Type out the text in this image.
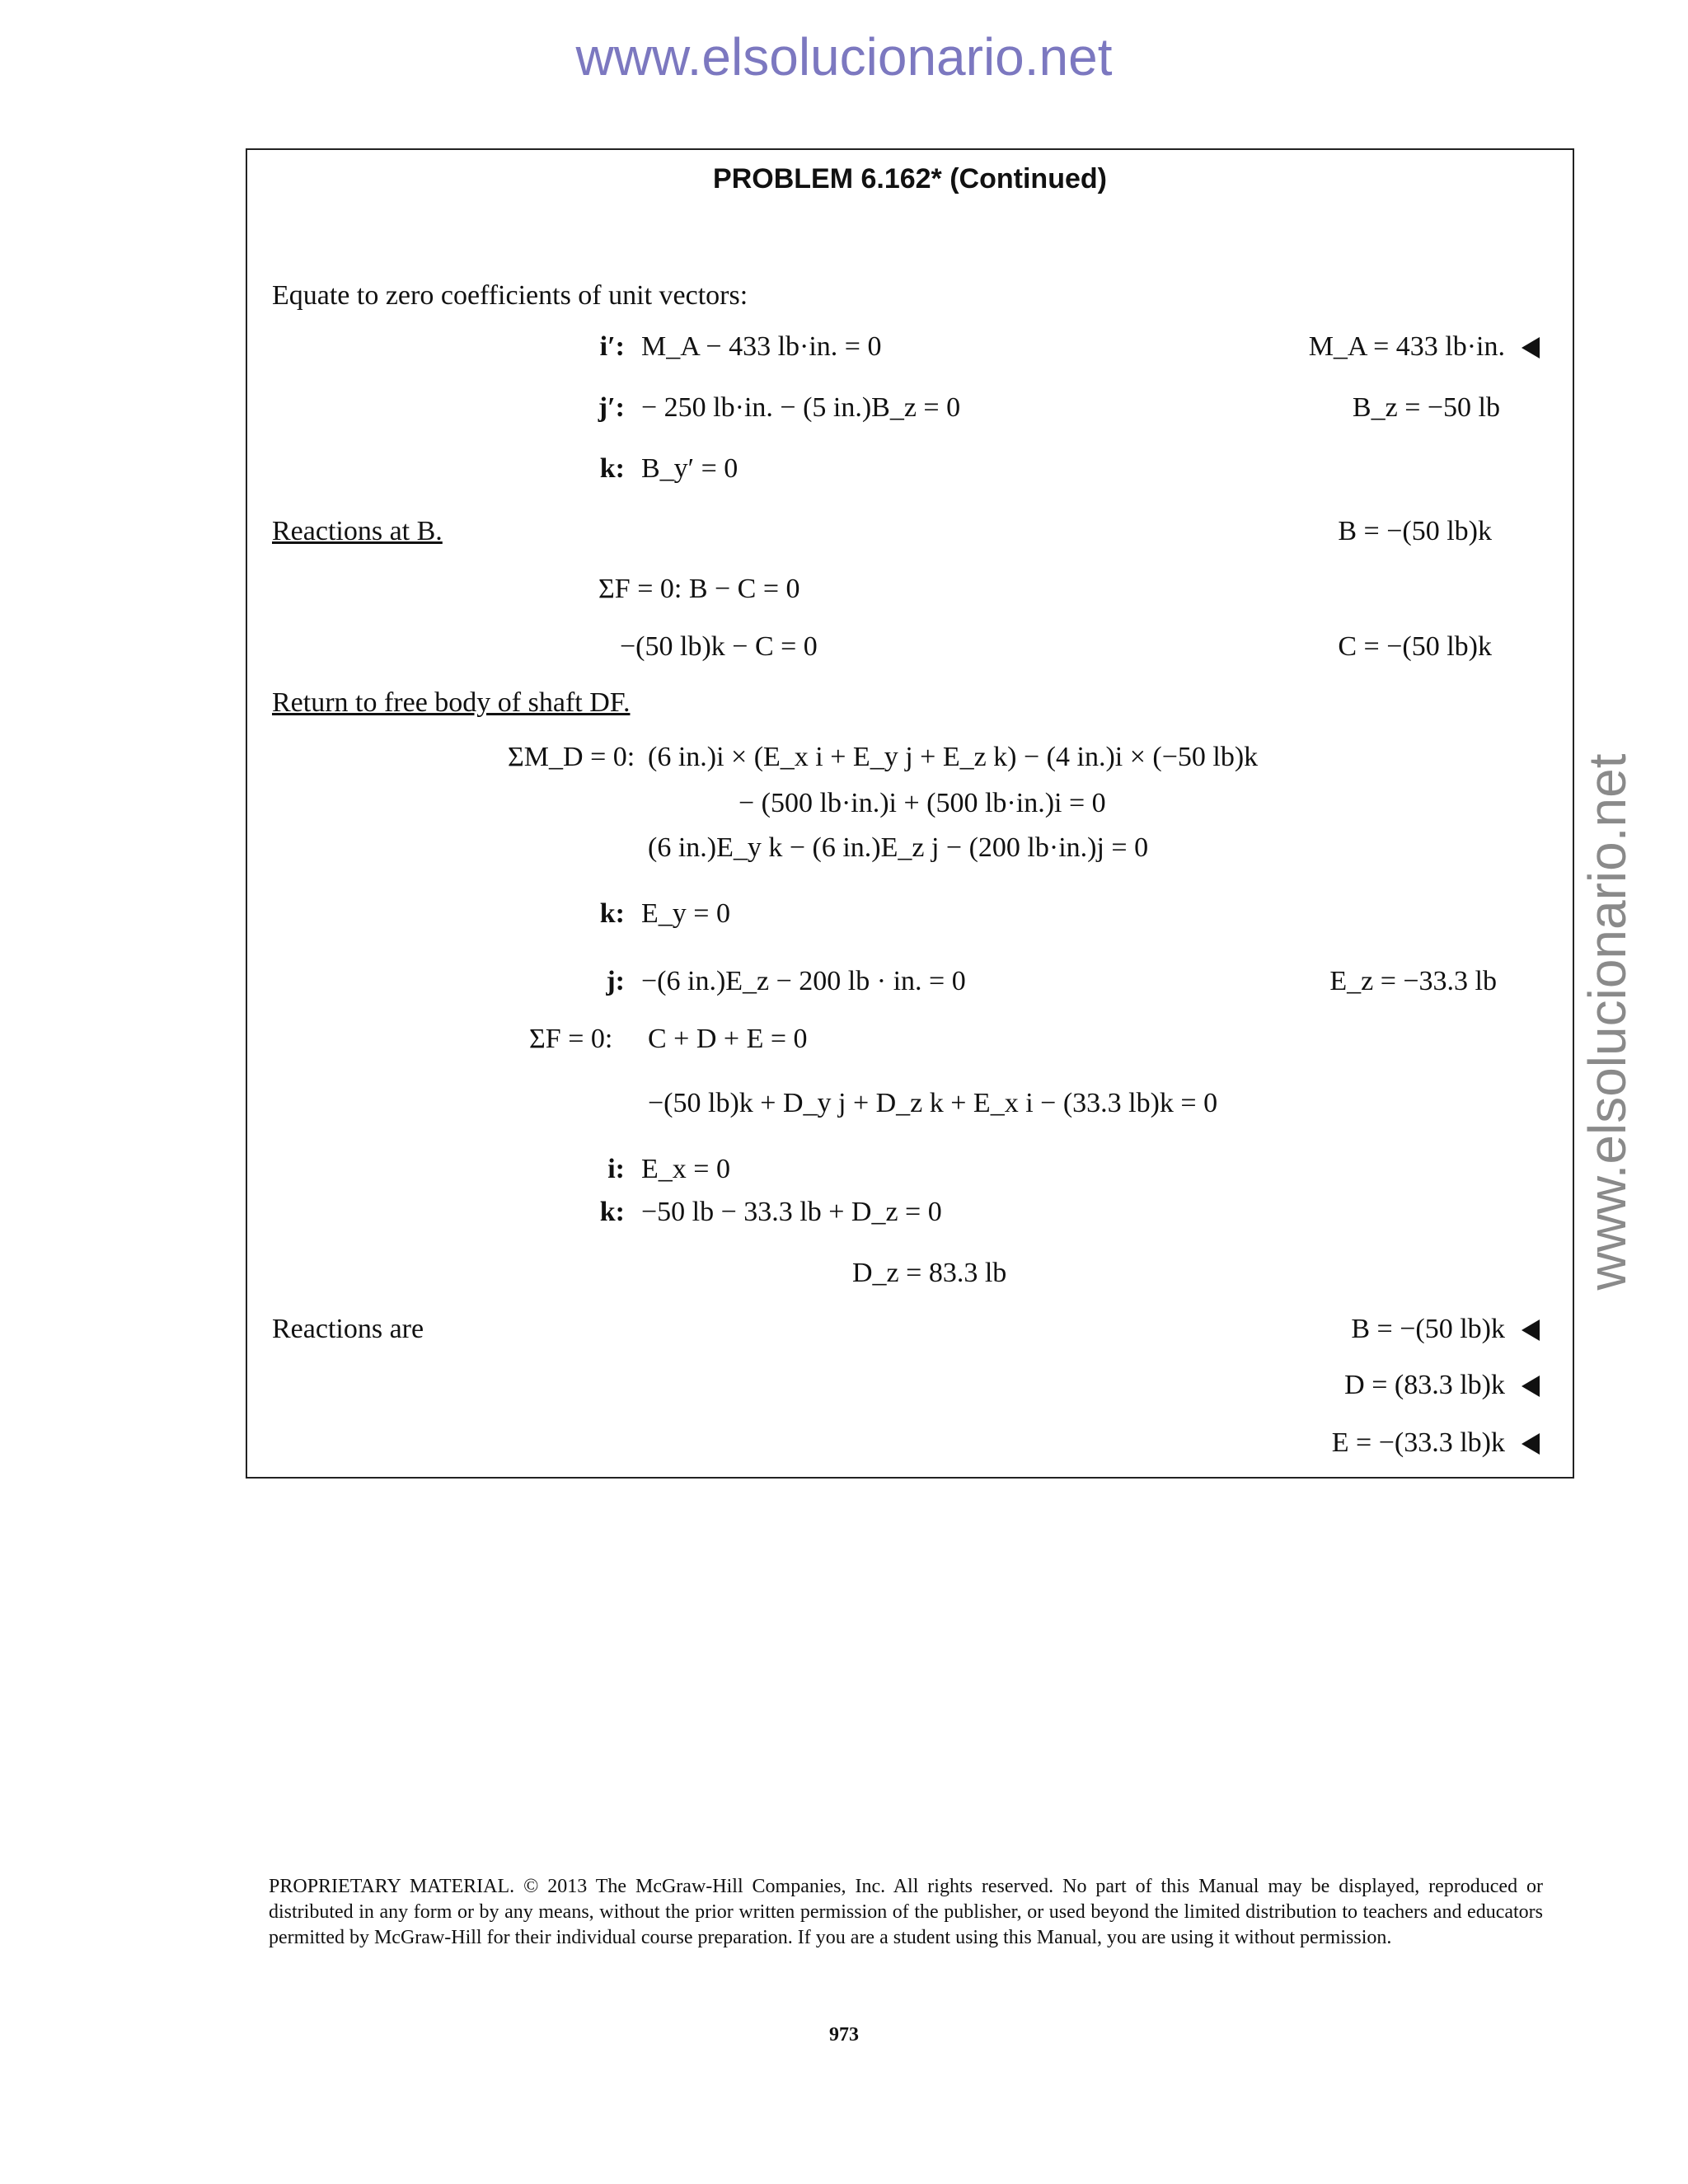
www.elsolucionario.net
www.elsolucionario.net
PROBLEM 6.162* (Continued)
Equate to zero coefficients of unit vectors:
i′: M_A − 433 lb·in. = 0	M_A = 433 lb·in.
j′: − 250 lb·in. − (5 in.)B_z = 0	B_z = −50 lb
k: B_y′ = 0
Reactions at B.	B = −(50 lb)k
ΣF = 0: B − C = 0
−(50 lb)k − C = 0	C = −(50 lb)k
Return to free body of shaft DF.
ΣM_D = 0: (6 in.)i × (E_x i + E_y j + E_z k) − (4 in.)i × (−50 lb)k
− (500 lb·in.)i + (500 lb·in.)i = 0
(6 in.)E_y k − (6 in.)E_z j − (200 lb·in.)j = 0
k: E_y = 0
j: −(6 in.)E_z − 200 lb · in. = 0	E_z = −33.3 lb
ΣF = 0: C + D + E = 0
−(50 lb)k + D_y j + D_z k + E_x i − (33.3 lb)k = 0
i: E_x = 0
k: −50 lb − 33.3 lb + D_z = 0
D_z = 83.3 lb
Reactions are	B = −(50 lb)k
D = (83.3 lb)k
E = −(33.3 lb)k
PROPRIETARY MATERIAL. © 2013 The McGraw-Hill Companies, Inc. All rights reserved. No part of this Manual may be displayed, reproduced or distributed in any form or by any means, without the prior written permission of the publisher, or used beyond the limited distribution to teachers and educators permitted by McGraw-Hill for their individual course preparation. If you are a student using this Manual, you are using it without permission.
973
